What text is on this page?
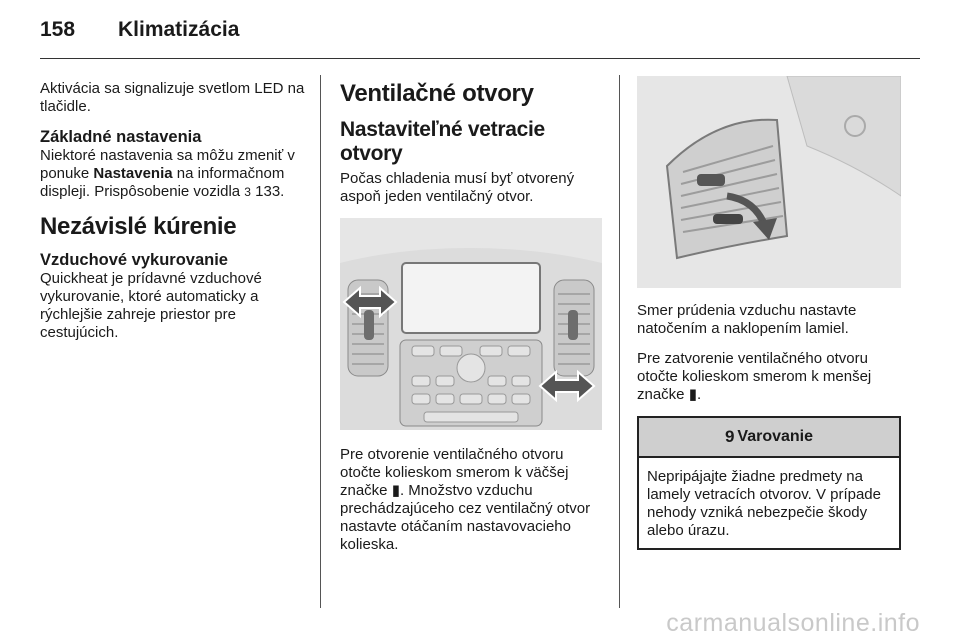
158 Klimatizácia

Aktivácia sa signalizuje svetlom LED na tlačidle.

Základné nastavenia

Niektoré nastavenia sa môžu zmeniť v ponuke Nastavenia na informačnom displeji. Prispôsobenie vozidla 3 133.

Nezávislé kúrenie
Vzduchové vykurovanie

Quickheat je prídavné vzduchové vykurovanie, ktoré automaticky a rýchlejšie zahreje priestor pre cestujúcich.

Ventilačné otvory
Nastaviteľné vetracie otvory

Počas chladenia musí byť otvorený aspoň jeden ventilačný otvor.

Pre otvorenie ventilačného otvoru otočte kolieskom smerom k väčšej značke ▮. Množstvo vzduchu prechádzajúceho cez ventilačný otvor nastavte otáčaním nastavovacieho kolieska.

Smer prúdenia vzduchu nastavte natočením a naklopením lamiel.

Pre zatvorenie ventilačného otvoru otočte kolieskom smerom k menšej značke ▮.

9 Varovanie
Nepripájajte žiadne predmety na lamely vetracích otvorov. V prípade nehody vzniká nebezpečie škody alebo úrazu.
carmanualsonline.info
